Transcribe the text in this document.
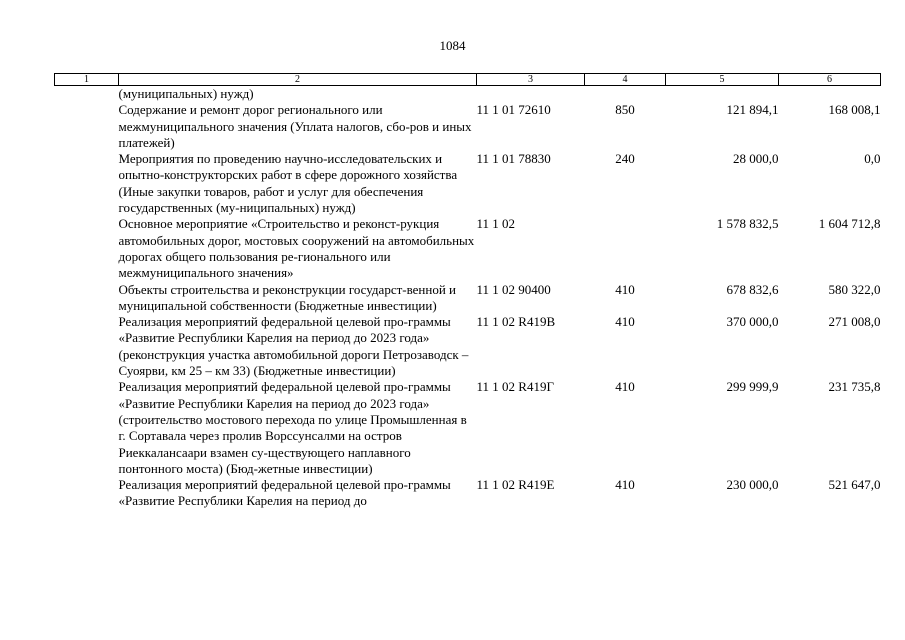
1084
1	2	3	4	5	6
	(муниципальных) нужд)				
	Содержание и ремонт дорог регионального или межмуниципального значения (Уплата налогов, сбо-ров и иных платежей)	11 1 01 72610	850	121 894,1	168 008,1
	Мероприятия по проведению научно-исследовательских и опытно-конструкторских работ в сфере дорожного хозяйства (Иные закупки товаров, работ и услуг для обеспечения государственных (му-ниципальных) нужд)	11 1 01 78830	240	28 000,0	0,0
	Основное мероприятие «Строительство и реконст-рукция автомобильных дорог, мостовых сооружений на автомобильных дорогах общего пользования ре-гионального или межмуниципального значения»	11 1 02		1 578 832,5	1 604 712,8
	Объекты строительства и реконструкции государст-венной и муниципальной собственности (Бюджетные инвестиции)	11 1 02 90400	410	678 832,6	580 322,0
	Реализация мероприятий федеральной целевой про-граммы «Развитие Республики Карелия на период до 2023 года» (реконструкция участка автомобильной дороги Петрозаводск – Суоярви, км 25 – км 33) (Бюджетные инвестиции)	11 1 02 R419В	410	370 000,0	271 008,0
	Реализация мероприятий федеральной целевой про-граммы «Развитие Республики Карелия на период до 2023 года» (строительство мостового перехода по улице Промышленная в г. Сортавала через пролив Ворссунсалми на остров Риеккалансаари взамен су-ществующего наплавного понтонного моста) (Бюд-жетные инвестиции)	11 1 02 R419Г	410	299 999,9	231 735,8
	Реализация мероприятий федеральной целевой про-граммы «Развитие Республики Карелия на период до	11 1 02 R419Е	410	230 000,0	521 647,0
